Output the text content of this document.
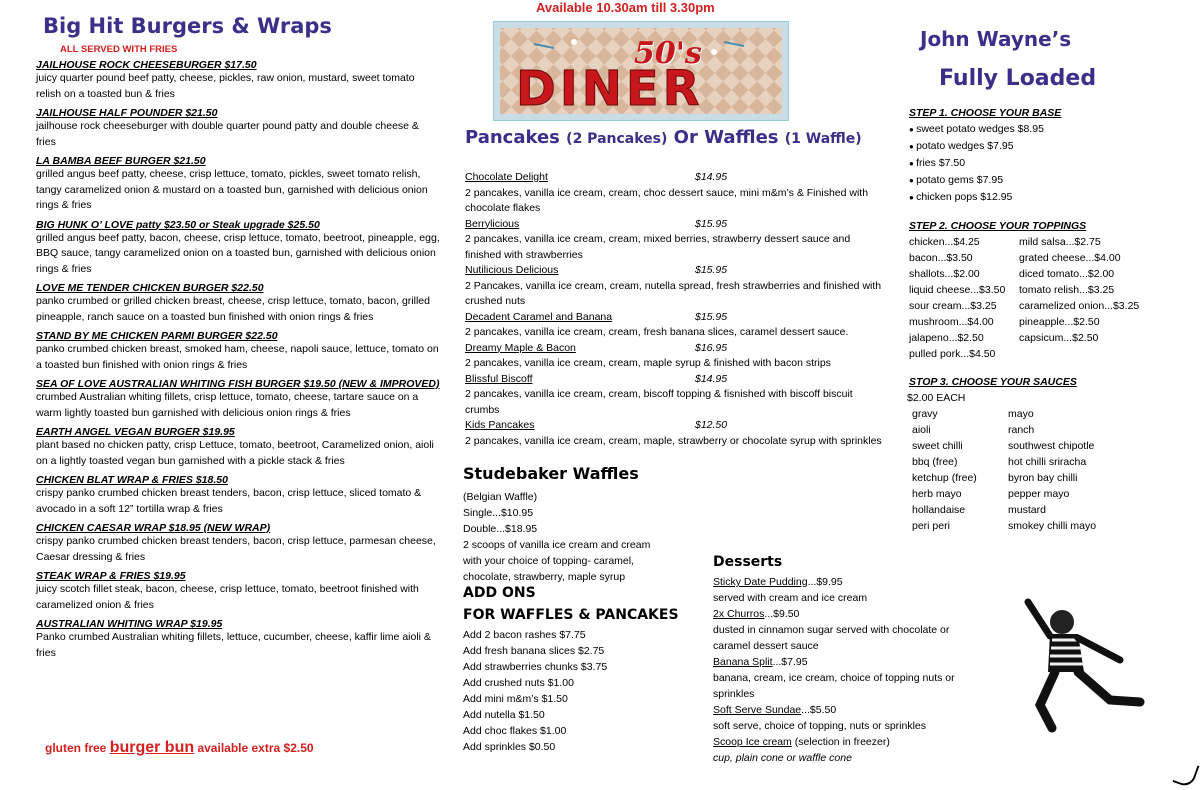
Big Hit Burgers & Wraps
ALL SERVED WITH FRIES
JAILHOUSE ROCK CHEESEBURGER $17.50
juicy quarter pound beef patty, cheese, pickles, raw onion, mustard, sweet tomato relish on a toasted bun & fries
JAILHOUSE HALF POUNDER $21.50
jailhouse rock cheeseburger with double quarter pound patty and double cheese & fries
LA BAMBA BEEF BURGER $21.50
grilled angus beef patty, cheese, crisp lettuce, tomato, pickles, sweet tomato relish, tangy caramelized onion & mustard on a toasted bun, garnished with delicious onion rings & fries
BIG HUNK O’ LOVE patty $23.50 or Steak upgrade $25.50
grilled angus beef patty, bacon, cheese, crisp lettuce, tomato, beetroot, pineapple, egg, BBQ sauce, tangy caramelized onion on a toasted bun, garnished with delicious onion rings & fries
LOVE ME TENDER CHICKEN BURGER $22.50
panko crumbed or grilled chicken breast, cheese, crisp lettuce, tomato, bacon, grilled pineapple, ranch sauce on a toasted bun finished with onion rings & fries
STAND BY ME CHICKEN PARMI BURGER $22.50
panko crumbed chicken breast, smoked ham, cheese, napoli sauce, lettuce, tomato on a toasted bun finished with onion rings & fries
SEA OF LOVE AUSTRALIAN WHITING FISH BURGER $19.50 (NEW & IMPROVED)
crumbed Australian whiting fillets, crisp lettuce, tomato, cheese, tartare sauce on a warm lightly toasted bun garnished with delicious onion rings & fries
EARTH ANGEL VEGAN BURGER $19.95
plant based no chicken patty, crisp Lettuce, tomato, beetroot, Caramelized onion, aioli on a lightly toasted vegan bun garnished with a pickle stack & fries
CHICKEN BLAT WRAP & FRIES $18.50
crispy panko crumbed chicken breast tenders, bacon, crisp lettuce, sliced tomato & avocado in a soft 12” tortilla wrap & fries
CHICKEN CAESAR WRAP $18.95 (NEW WRAP)
crispy panko crumbed chicken breast tenders, bacon, crisp lettuce, parmesan cheese, Caesar dressing & fries
STEAK WRAP & FRIES $19.95
juicy scotch fillet steak, bacon, cheese, crisp lettuce, tomato, beetroot finished with caramelized onion & fries
AUSTRALIAN WHITING WRAP $19.95
Panko crumbed Australian whiting fillets, lettuce, cucumber, cheese, kaffir lime aioli & fries
gluten free burger bun available extra $2.50
Available 10.30am till 3.30pm
50's
DINER
Pancakes (2 Pancakes) Or Waffles (1 Waffle)
Chocolate Delight	$14.95
2 pancakes, vanilla ice cream, cream, choc dessert sauce, mini m&m’s & Finished with chocolate flakes
Berrylicious	$15.95
2 pancakes, vanilla ice cream, cream, mixed berries, strawberry dessert sauce and finished with strawberries
Nutilicious Delicious	$15.95
2 Pancakes, vanilla ice cream, cream, nutella spread, fresh strawberries and finished with crushed nuts
Decadent Caramel and Banana	$15.95
2 pancakes, vanilla ice cream, cream, fresh banana slices, caramel dessert sauce.
Dreamy Maple & Bacon	$16.95
2 pancakes, vanilla ice cream, cream, maple syrup & finished with bacon strips
Blissful Biscoff	$14.95
2 pancakes, vanilla ice cream, cream, biscoff topping & fisnished with biscoff biscuit crumbs
Kids Pancakes	$12.50
2 pancakes, vanilla ice cream, cream, maple, strawberry or chocolate syrup with sprinkles
Studebaker Waffles
(Belgian Waffle)
Single...$10.95
Double...$18.95
2 scoops of vanilla ice cream and cream
with your choice of topping- caramel,
chocolate, strawberry, maple syrup
ADD ONS
FOR WAFFLES & PANCAKES
Add 2 bacon rashes $7.75
Add fresh banana slices $2.75
Add strawberries chunks $3.75
Add crushed nuts $1.00
Add mini m&m’s $1.50
Add nutella $1.50
Add choc flakes $1.00
Add sprinkles $0.50
Desserts
Sticky Date Pudding...$9.95
served with cream and ice cream
2x Churros...$9.50
dusted in cinnamon sugar served with chocolate or caramel dessert sauce
Banana Split...$7.95
banana, cream, ice cream, choice of topping nuts or sprinkles
Soft Serve Sundae...$5.50
soft serve, choice of topping, nuts or sprinkles
Scoop Ice cream (selection in freezer)
cup, plain cone or waffle cone
John Wayne’s
Fully Loaded
STEP 1. CHOOSE YOUR BASE
● sweet potato wedges $8.95
● potato wedges $7.95
● fries $7.50
● potato gems $7.95
● chicken pops $12.95
STEP 2. CHOOSE YOUR TOPPINGS
chicken...$4.25	mild salsa...$2.75
bacon...$3.50	grated cheese...$4.00
shallots...$2.00	diced tomato...$2.00
liquid cheese...$3.50	tomato relish...$3.25
sour cream...$3.25	caramelized onion...$3.25
mushroom...$4.00	pineapple...$2.50
jalapeno...$2.50	capsicum...$2.50
pulled pork...$4.50
STOP 3. CHOOSE YOUR SAUCES
$2.00 EACH
gravy	mayo
aioli	ranch
sweet chilli	southwest chipotle
bbq (free)	hot chilli sriracha
ketchup (free)	byron bay chilli
herb mayo	pepper mayo
hollandaise	mustard
peri peri	smokey chilli mayo
